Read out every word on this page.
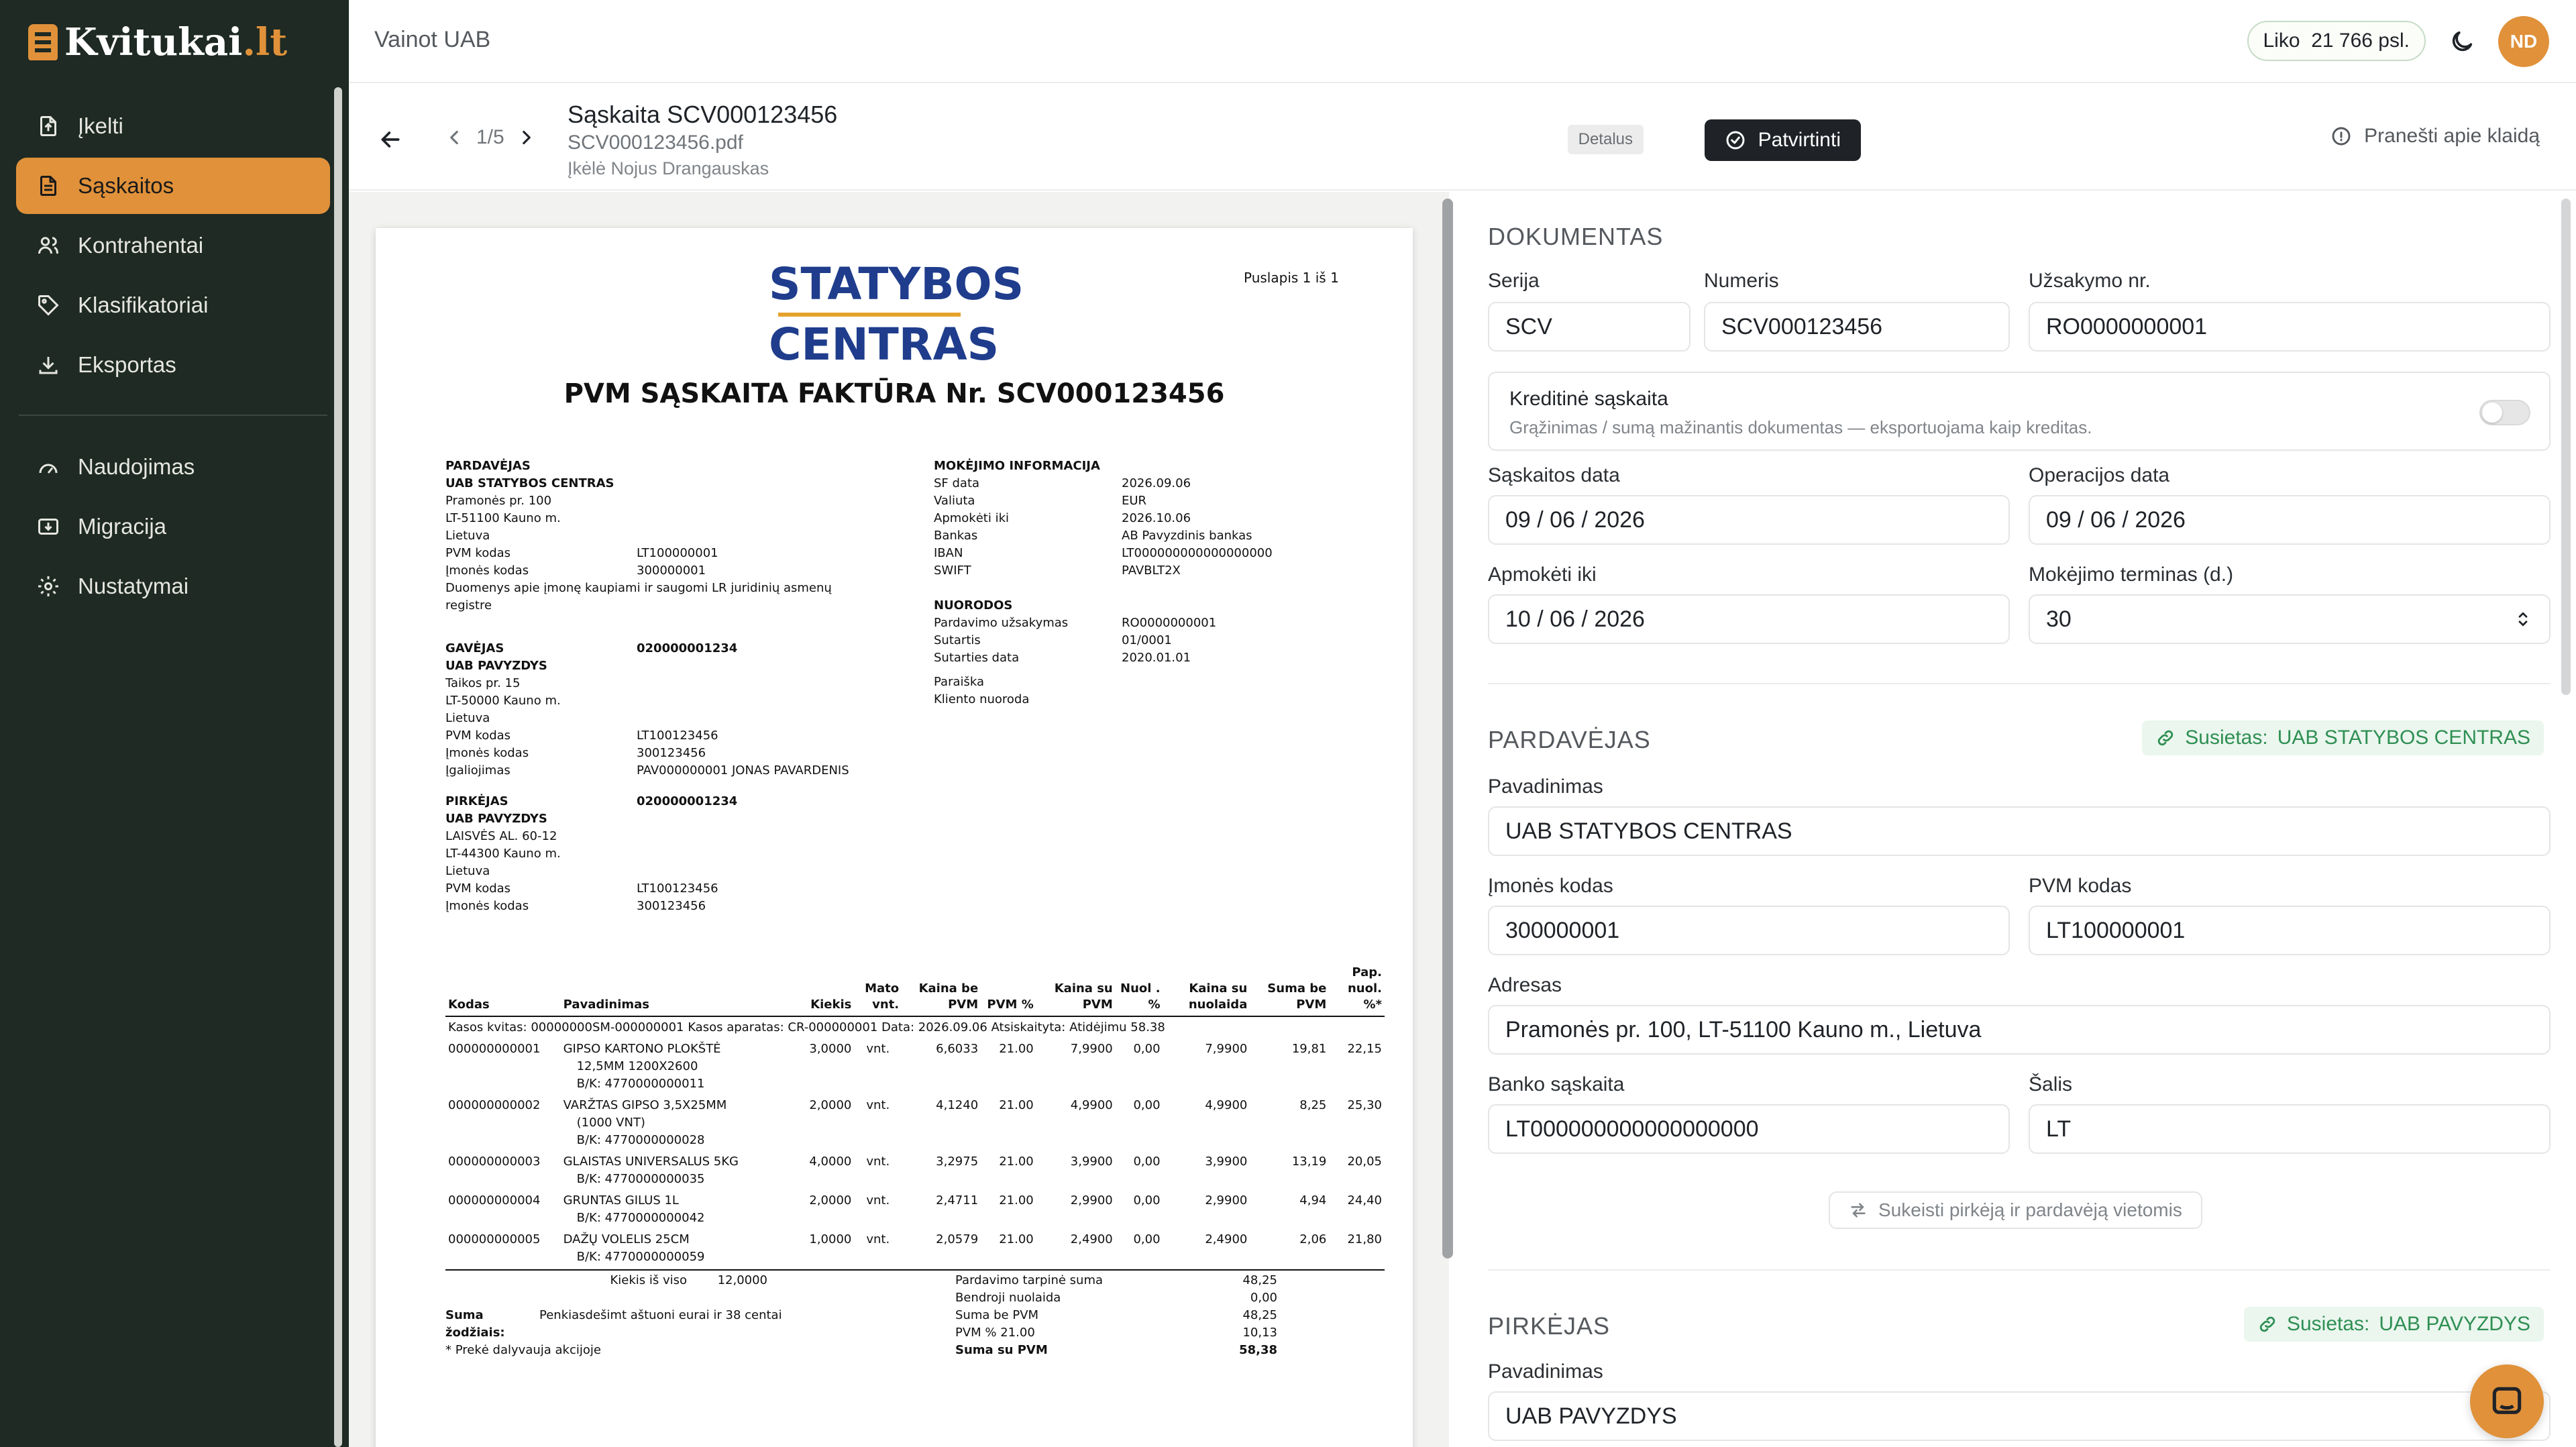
Kvitukai.lt
Įkelti
Sąskaitos
Kontrahentai
Klasifikatoriai
Eksportas
Naudojimas
Migracija
Nustatymai
Vainot UAB	Liko
21 766 psl.	ND
1/5
Sąskaita SCV000123456
SCV000123456.pdf
Įkėlė Nojus Drangauskas
Detalus	Patvirtinti	Pranešti apie klaidą
STATYBOS
CENTRAS
Puslapis 1 iš 1
PVM SĄSKAITA FAKTŪRA Nr. SCV000123456
PARDAVĖJAS
UAB STATYBOS CENTRAS
Pramonės pr. 100
LT-51100 Kauno m.
Lietuva
PVM kodas	LT100000001
Įmonės kodas	300000001
Duomenys apie įmonę kaupiami ir saugomi LR juridinių asmenų
registre
GAVĖJAS	020000001234
UAB PAVYZDYS
Taikos pr. 15
LT-50000 Kauno m.
Lietuva
PVM kodas	LT100123456
Įmonės kodas	300123456
Įgaliojimas	PAV000000001 JONAS PAVARDENIS
PIRKĖJAS	020000001234
UAB PAVYZDYS
LAISVĖS AL. 60-12
LT-44300 Kauno m.
Lietuva
PVM kodas	LT100123456
Įmonės kodas	300123456
MOKĖJIMO INFORMACIJA
SF data	2026.09.06
Valiuta	EUR
Apmokėti iki	2026.10.06
Bankas	AB Pavyzdinis bankas
IBAN	LT000000000000000000
SWIFT	PAVBLT2X
NUORODOS
Pardavimo užsakymas	RO0000000001
Sutartis	01/0001
Sutarties data	2020.01.01
Paraiška
Kliento nuoroda
Kodas	Pavadinimas	Kiekis	Mato vnt.	Kaina be PVM	PVM %	Kaina su PVM	Nuol . %	Kaina su nuolaida	Suma be PVM	Pap. nuol. %*
Kasos kvitas: 00000000SM-000000001 Kasos aparatas: CR-000000001 Data: 2026.09.06 Atsiskaityta: Atidėjimu 58.38										
000000000001	GIPSO KARTONO PLOKŠTĖ
12,5MM 1200X2600
B/K: 4770000000011	3,0000	vnt.	6,6033	21.00	7,9900	0,00	7,9900	19,81	22,15
000000000002	VARŽTAS GIPSO 3,5X25MM
(1000 VNT)
B/K: 4770000000028	2,0000	vnt.	4,1240	21.00	4,9900	0,00	4,9900	8,25	25,30
000000000003	GLAISTAS UNIVERSALUS 5KG
B/K: 4770000000035	4,0000	vnt.	3,2975	21.00	3,9900	0,00	3,9900	13,19	20,05
000000000004	GRUNTAS GILUS 1L
B/K: 4770000000042	2,0000	vnt.	2,4711	21.00	2,9900	0,00	2,9900	4,94	24,40
000000000005	DAŽŲ VOLELIS 25CM
B/K: 4770000000059	1,0000	vnt.	2,0579	21.00	2,4900	0,00	2,4900	2,06	21,80
Kiekis iš viso	12,0000
Suma žodžiais:
Penkiasdešimt aštuoni eurai ir 38 centai
* Prekė dalyvauja akcijoje
Pardavimo tarpinė suma	48,25
Bendroji nuolaida	0,00
Suma be PVM	48,25
PVM % 21.00	10,13
Suma su PVM	58,38
DOKUMENTAS
Serija
SCV
Numeris
SCV000123456
Užsakymo nr.
RO0000000001
Kreditinė sąskaita
Grąžinimas / sumą mažinantis dokumentas — eksportuojama kaip kreditas.
Sąskaitos data
09 / 06 / 2026
Operacijos data
09 / 06 / 2026
Apmokėti iki
10 / 06 / 2026
Mokėjimo terminas (d.)
30
PARDAVĖJAS	Susietas: UAB STATYBOS CENTRAS
Pavadinimas
UAB STATYBOS CENTRAS
Įmonės kodas
300000001
PVM kodas
LT100000001
Adresas
Pramonės pr. 100, LT-51100 Kauno m., Lietuva
Banko sąskaita
LT000000000000000000
Šalis
LT
Sukeisti pirkėją ir pardavėją vietomis
PIRKĖJAS	Susietas: UAB PAVYZDYS
Pavadinimas
UAB PAVYZDYS
